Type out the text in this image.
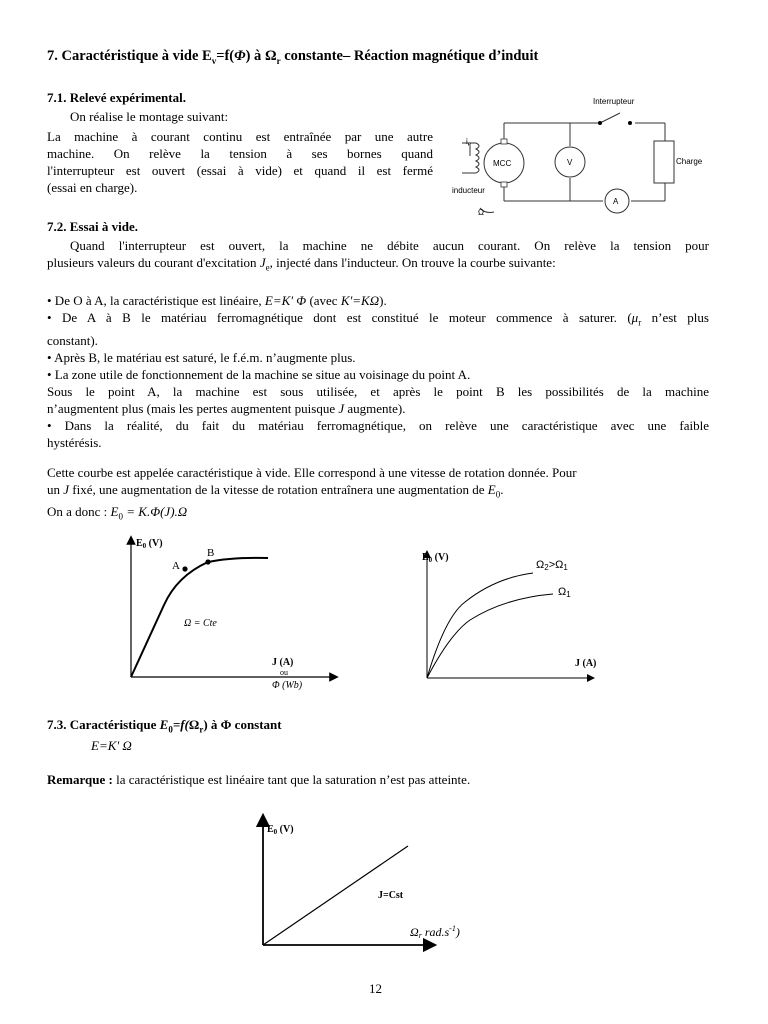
7. Caractéristique à vide $E_v=f(\Phi)$ à $\Omega_r$ constante– Réaction magnétique d’induit
7.1. Relevé expérimental.
On réalise le montage suivant:

La machine à courant continu est entraînée par une autre

machine. On relève la tension à ses bornes quand

l'interrupteur est ouvert (essai à vide) et quand il est fermé

(essai en charge).

Interrupteur
$i_e$
MCC	V	Charge
A
inducteur
Ω
7.2. Essai à vide.

Quand l'interrupteur est ouvert, la machine ne débite aucun courant. On relève la tension pour

plusieurs valeurs du courant d'excitation $J_e$, injecté dans l'inducteur. On trouve la courbe suivante:

• De O à A, la caractéristique est linéaire, E=K' Φ (avec K'=KΩ).

• De A à B le matériau ferromagnétique dont est constitué le moteur commence à saturer. ($\mu_r$ n’est plus

constant).

• Après B, le matériau est saturé, le f.é.m. n’augmente plus.

• La zone utile de fonctionnement de la machine se situe au voisinage du point A.

Sous le point A, la machine est sous utilisée, et après le point B les possibilités de la machine

n’augmentent plus (mais les pertes augmentent puisque J augmente).

• Dans la réalité, du fait du matériau ferromagnétique, on relève une caractéristique avec une faible

hystérésis.

Cette courbe est appelée caractéristique à vide. Elle correspond à une vitesse de rotation donnée. Pour

un J fixé, une augmentation de la vitesse de rotation entraînera une augmentation de $E_0$.

On a donc : $E_0 = K.\Phi(J).\Omega$
$E_0$ (V)
A
B
Ω = Cte
J (A)
ou
Φ (Wb)
$E_0$ (V)
Ω2>Ω1
Ω1
J (A)
7.3. Caractéristique $E_0=f(\Omega_r)$ à Φ constant
E=K' Ω
Remarque : la caractéristique est linéaire tant que la saturation n’est pas atteinte.
$E_0$ (V)
J=Cst
Ωr $rad.s^{-1}$)
12
